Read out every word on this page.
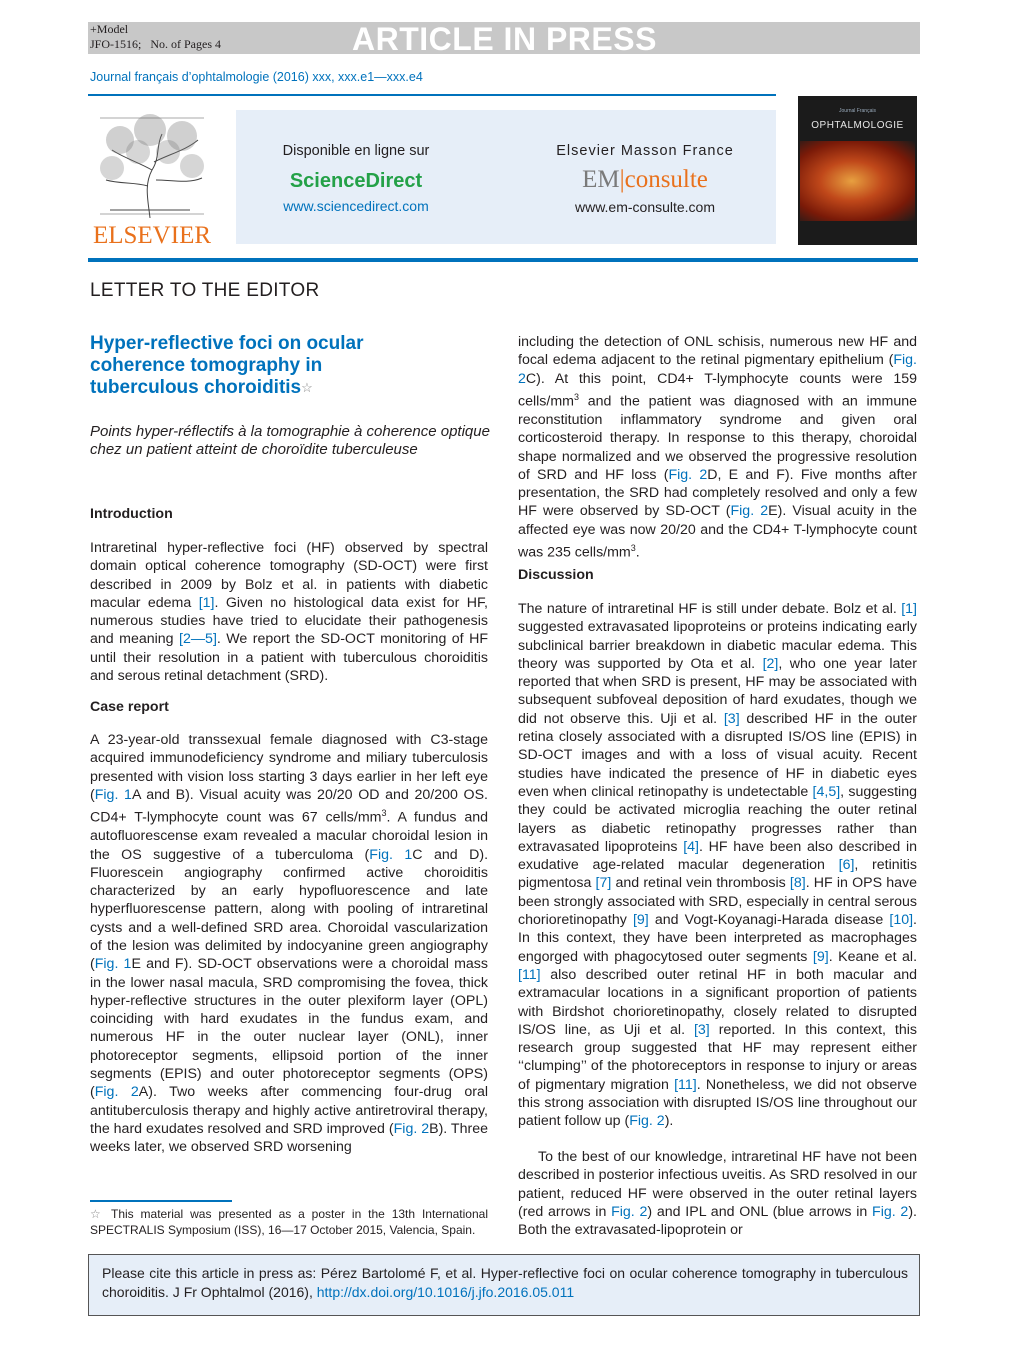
+Model
JFO-1516; No. of Pages 4	ARTICLE IN PRESS
Journal français d’ophtalmologie (2016) xxx, xxx.e1—xxx.e4
ELSEVIER
Disponible en ligne sur
ScienceDirect
www.sciencedirect.com
Elsevier Masson France
EM|consulte
www.em-consulte.com
Journal Français
OPHTALMOLOGIE
LETTER TO THE EDITOR
Hyper-reflective foci on ocular coherence tomography in tuberculous choroiditis☆
Points hyper-réflectifs à la tomographie à coherence optique chez un patient atteint de choroïdite tuberculeuse
Introduction
Intraretinal hyper-reflective foci (HF) observed by spectral domain optical coherence tomography (SD-OCT) were first described in 2009 by Bolz et al. in patients with diabetic macular edema [1]. Given no histological data exist for HF, numerous studies have tried to elucidate their pathogenesis and meaning [2—5]. We report the SD-OCT monitoring of HF until their resolution in a patient with tuberculous choroiditis and serous retinal detachment (SRD).
Case report
A 23-year-old transsexual female diagnosed with C3-stage acquired immunodeficiency syndrome and miliary tuberculosis presented with vision loss starting 3 days earlier in her left eye (Fig. 1A and B). Visual acuity was 20/20 OD and 20/200 OS. CD4+ T-lymphocyte count was 67 cells/$mm^3$. A fundus and autofluorescense exam revealed a macular choroidal lesion in the OS suggestive of a tuberculoma (Fig. 1C and D). Fluorescein angiography confirmed active choroiditis characterized by an early hypofluorescence and late hyperfluorescense pattern, along with pooling of intraretinal cysts and a well-defined SRD area. Choroidal vascularization of the lesion was delimited by indocyanine green angiography (Fig. 1E and F). SD-OCT observations were a choroidal mass in the lower nasal macula, SRD compromising the fovea, thick hyper-reflective structures in the outer plexiform layer (OPL) coinciding with hard exudates in the fundus exam, and numerous HF in the outer nuclear layer (ONL), inner photoreceptor segments, ellipsoid portion of the inner segments (EPIS) and outer photoreceptor segments (OPS) (Fig. 2A). Two weeks after commencing four-drug oral antituberculosis therapy and highly active antiretroviral therapy, the hard exudates resolved and SRD improved (Fig. 2B). Three weeks later, we observed SRD worsening
including the detection of ONL schisis, numerous new HF and focal edema adjacent to the retinal pigmentary epithelium (Fig. 2C). At this point, CD4+ T-lymphocyte counts were 159 cells/$mm^3$ and the patient was diagnosed with an immune reconstitution inflammatory syndrome and given oral corticosteroid therapy. In response to this therapy, choroidal shape normalized and we observed the progressive resolution of SRD and HF loss (Fig. 2D, E and F). Five months after presentation, the SRD had completely resolved and only a few HF were observed by SD-OCT (Fig. 2E). Visual acuity in the affected eye was now 20/20 and the CD4+ T-lymphocyte count was 235 cells/$mm^3$.
Discussion
The nature of intraretinal HF is still under debate. Bolz et al. [1] suggested extravasated lipoproteins or proteins indicating early subclinical barrier breakdown in diabetic macular edema. This theory was supported by Ota et al. [2], who one year later reported that when SRD is present, HF may be associated with subsequent subfoveal deposition of hard exudates, though we did not observe this. Uji et al. [3] described HF in the outer retina closely associated with a disrupted IS/OS line (EPIS) in SD-OCT images and with a loss of visual acuity. Recent studies have indicated the presence of HF in diabetic eyes even when clinical retinopathy is undetectable [4,5], suggesting they could be activated microglia reaching the outer retinal layers as diabetic retinopathy progresses rather than extravasated lipoproteins [4]. HF have been also described in exudative age-related macular degeneration [6], retinitis pigmentosa [7] and retinal vein thrombosis [8]. HF in OPS have been strongly associated with SRD, especially in central serous chorioretinopathy [9] and Vogt-Koyanagi-Harada disease [10]. In this context, they have been interpreted as macrophages engorged with phagocytosed outer segments [9]. Keane et al. [11] also described outer retinal HF in both macular and extramacular locations in a significant proportion of patients with Birdshot chorioretinopathy, closely related to disrupted IS/OS line, as Uji et al. [3] reported. In this context, this research group suggested that HF may represent either ‘‘clumping’’ of the photoreceptors in response to injury or areas of pigmentary migration [11]. Nonetheless, we did not observe this strong association with disrupted IS/OS line throughout our patient follow up (Fig. 2).
To the best of our knowledge, intraretinal HF have not been described in posterior infectious uveitis. As SRD resolved in our patient, reduced HF were observed in the outer retinal layers (red arrows in Fig. 2) and IPL and ONL (blue arrows in Fig. 2). Both the extravasated-lipoprotein or
☆ This material was presented as a poster in the 13th International SPECTRALIS Symposium (ISS), 16—17 October 2015, Valencia, Spain.
Please cite this article in press as: Pérez Bartolomé F, et al. Hyper-reflective foci on ocular coherence tomography in tuberculous choroiditis. J Fr Ophtalmol (2016), http://dx.doi.org/10.1016/j.jfo.2016.05.011
